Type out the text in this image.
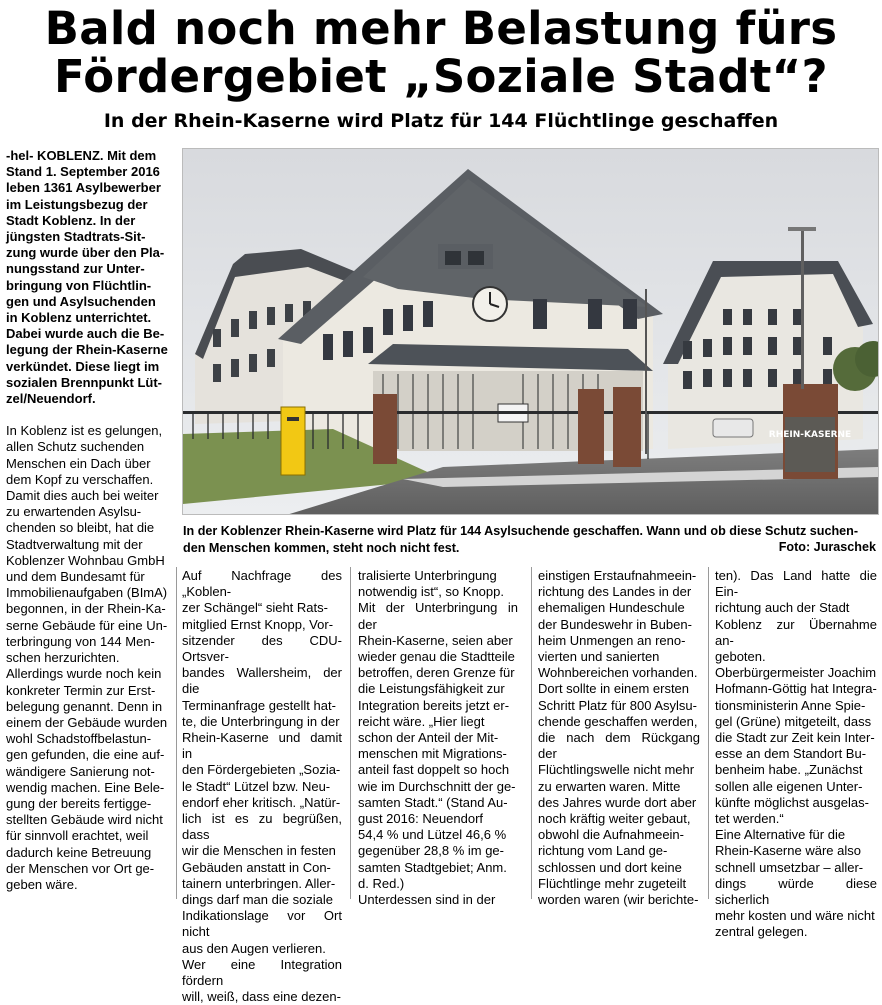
Bald noch mehr Belastung fürs
Fördergebiet „Soziale Stadt“?
In der Rhein-Kaserne wird Platz für 144 Flüchtlinge geschaffen

-hel- KOBLENZ. Mit dem
Stand 1. September 2016
leben 1361 Asylbewerber
im Leistungsbezug der
Stadt Koblenz. In der
jüngsten Stadtrats-Sit-
zung wurde über den Pla-
nungsstand zur Unter-
bringung von Flüchtlin-
gen und Asylsuchenden
in Koblenz unterrichtet.
Dabei wurde auch die Be-
legung der Rhein-Kaserne
verkündet. Diese liegt im
sozialen Brennpunkt Lüt-
zel/Neuendorf.

In Koblenz ist es gelungen,
allen Schutz suchenden
Menschen ein Dach über
dem Kopf zu verschaffen.
Damit dies auch bei weiter
zu erwartenden Asylsu-
chenden so bleibt, hat die
Stadtverwaltung mit der
Koblenzer Wohnbau GmbH
und dem Bundesamt für
Immobilienaufgaben (BImA)
begonnen, in der Rhein-Ka-
serne Gebäude für eine Un-
terbringung von 144 Men-
schen herzurichten.
Allerdings wurde noch kein
konkreter Termin zur Erst-
belegung genannt. Denn in
einem der Gebäude wurden
wohl Schadstoffbelastun-
gen gefunden, die eine auf-
wändigere Sanierung not-
wendig machen. Eine Bele-
gung der bereits fertigge-
stellten Gebäude wird nicht
für sinnvoll erachtet, weil
dadurch keine Betreuung
der Menschen vor Ort ge-
geben wäre.

RHEIN-KASERNE
In der Koblenzer Rhein-Kaserne wird Platz für 144 Asylsuchende geschaffen. Wann und ob diese Schutz suchen-
den Menschen kommen, steht noch nicht fest.	Foto: Juraschek

Auf Nachfrage des „Koblen-
zer Schängel“ sieht Rats-
mitglied Ernst Knopp, Vor-
sitzender des CDU-Ortsver-
bandes Wallersheim, der die
Terminanfrage gestellt hat-
te, die Unterbringung in der
Rhein-Kaserne und damit in
den Fördergebieten „Sozia-
le Stadt“ Lützel bzw. Neu-
endorf eher kritisch. „Natür-
lich ist es zu begrüßen, dass
wir die Menschen in festen
Gebäuden anstatt in Con-
tainern unterbringen. Aller-
dings darf man die soziale
Indikationslage vor Ort nicht
aus den Augen verlieren.
Wer eine Integration fördern
will, weiß, dass eine dezen-

tralisierte Unterbringung
notwendig ist“, so Knopp.
Mit der Unterbringung in der
Rhein-Kaserne, seien aber
wieder genau die Stadtteile
betroffen, deren Grenze für
die Leistungsfähigkeit zur
Integration bereits jetzt er-
reicht wäre. „Hier liegt
schon der Anteil der Mit-
menschen mit Migrations-
anteil fast doppelt so hoch
wie im Durchschnitt der ge-
samten Stadt.“ (Stand Au-
gust 2016: Neuendorf
54,4 % und Lützel 46,6 %
gegenüber 28,8 % im ge-
samten Stadtgebiet; Anm.
d. Red.)
Unterdessen sind in der

einstigen Erstaufnahmeein-
richtung des Landes in der
ehemaligen Hundeschule
der Bundeswehr in Buben-
heim Unmengen an reno-
vierten und sanierten
Wohnbereichen vorhanden.
Dort sollte in einem ersten
Schritt Platz für 800 Asylsu-
chende geschaffen werden,
die nach dem Rückgang der
Flüchtlingswelle nicht mehr
zu erwarten waren. Mitte
des Jahres wurde dort aber
noch kräftig weiter gebaut,
obwohl die Aufnahmeein-
richtung vom Land ge-
schlossen und dort keine
Flüchtlinge mehr zugeteilt
worden waren (wir berichte-

ten). Das Land hatte die Ein-
richtung auch der Stadt
Koblenz zur Übernahme an-
geboten.
Oberbürgermeister Joachim
Hofmann-Göttig hat Integra-
tionsministerin Anne Spie-
gel (Grüne) mitgeteilt, dass
die Stadt zur Zeit kein Inter-
esse an dem Standort Bu-
benheim habe. „Zunächst
sollen alle eigenen Unter-
künfte möglichst ausgelas-
tet werden.“
Eine Alternative für die
Rhein-Kaserne wäre also
schnell umsetzbar – aller-
dings würde diese sicherlich
mehr kosten und wäre nicht
zentral gelegen.
